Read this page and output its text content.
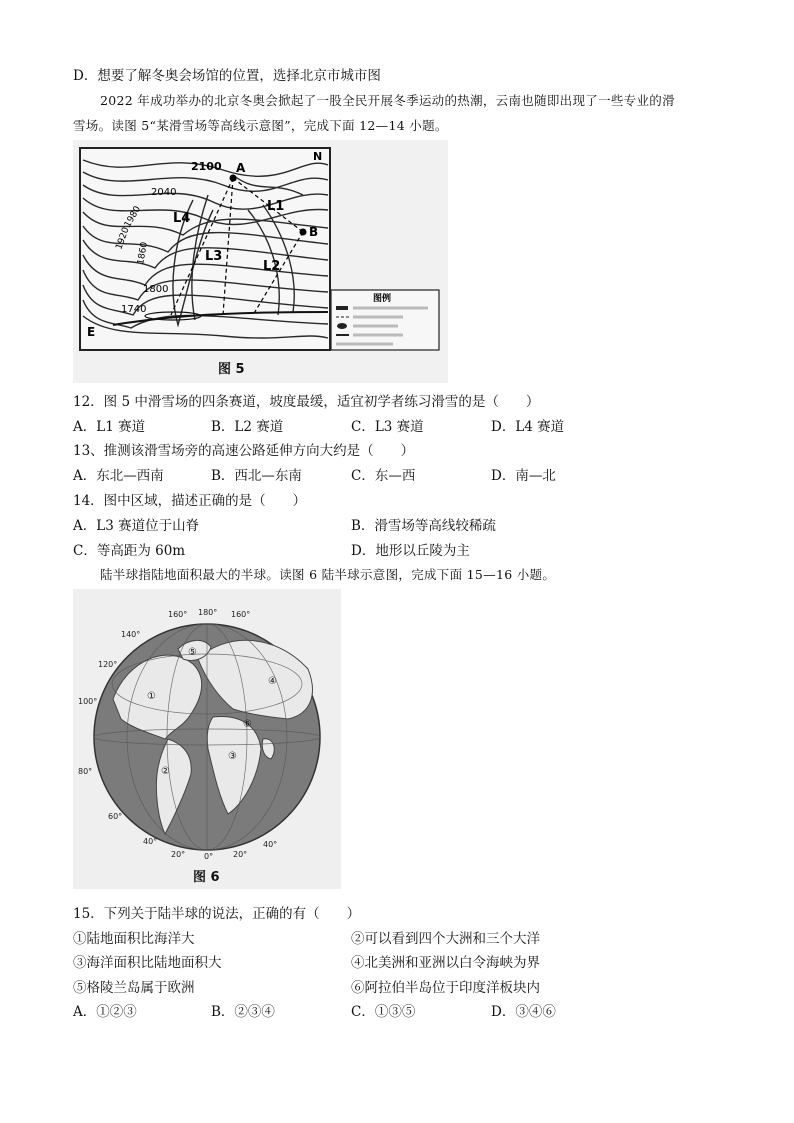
D．想要了解冬奥会场馆的位置，选择北京市城市图
2022 年成功举办的北京冬奥会掀起了一股全民开展冬季运动的热潮，云南也随即出现了一些专业的滑
雪场。读图 5“某滑雪场等高线示意图”，完成下面 12—14 小题。
2100
2040
1980
1920
1860
1800
1740
A
B
E
L1
L2
L3
L4
N
图例
图 5
12．图 5 中滑雪场的四条赛道，坡度最缓，适宜初学者练习滑雪的是（　　）
A．L1 赛道	B．L2 赛道	C．L3 赛道	D．L4 赛道
13、推测该滑雪场旁的高速公路延伸方向大约是（　　）
A．东北—西南	B．西北—东南	C．东—西	D．南—北
14．图中区域，描述正确的是（　　）
A．L3 赛道位于山脊	B．滑雪场等高线较稀疏
C．等高距为 60m	D．地形以丘陵为主
陆半球指陆地面积最大的半球。读图 6 陆半球示意图，完成下面 15—16 小题。
160° 180° 160°
140°
120°
100°
80°
60°
40°
20° 0° 20°
40°
①
②
③
④
⑤
⑥
图 6
15．下列关于陆半球的说法，正确的有（　　）
①陆地面积比海洋大	②可以看到四个大洲和三个大洋
③海洋面积比陆地面积大	④北美洲和亚洲以白令海峡为界
⑤格陵兰岛属于欧洲	⑥阿拉伯半岛位于印度洋板块内
A．①②③	B．②③④	C．①③⑤	D．③④⑥
